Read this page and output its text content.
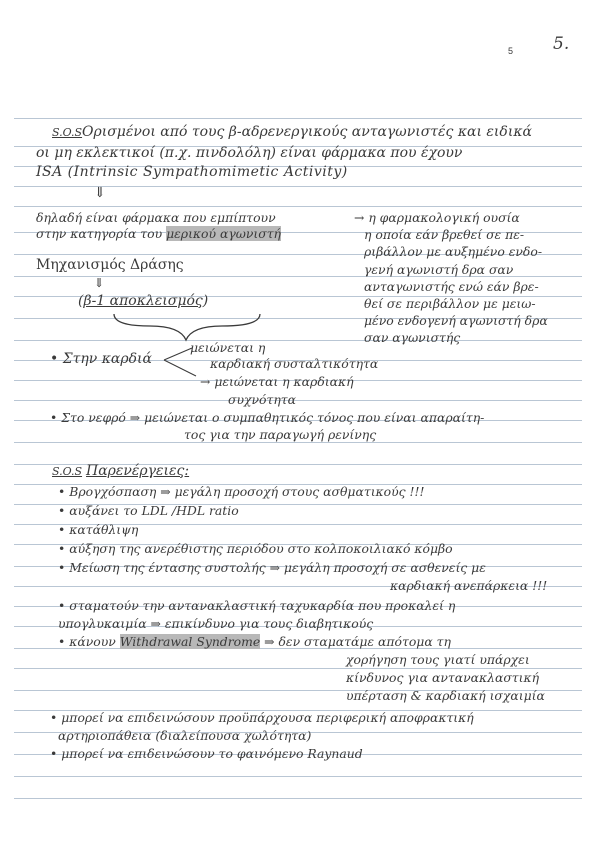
5 5.
S.O.SΟρισμένοι από τους β-αδρενεργικούς ανταγωνιστές και ειδικά
οι μη εκλεκτικοί (π.χ. πινδολόλη) είναι φάρμακα που έχουν
ISA (Intrinsic Sympathomimetic Activity)
⇓
δηλαδή είναι φάρμακα που εμπίπτουν
στην κατηγορία του μερικού αγωνιστή
→ η φαρμακολογική ουσία
η οποία εάν βρεθεί σε πε-
ριβάλλον με αυξημένο ενδο-
γενή αγωνιστή δρα σαν
ανταγωνιστής ενώ εάν βρε-
θεί σε περιβάλλον με μειω-
μένο ενδογενή αγωνιστή δρα
σαν αγωνιστής
Μηχανισμός Δράσης
⇓
(β-1 αποκλεισμός)
μειώνεται η
• Στην καρδιά	καρδιακή συσταλτικότητα
→ μειώνεται η καρδιακή
συχνότητα
• Στο νεφρό ⇒ μειώνεται ο συμπαθητικός τόνος που είναι απαραίτη-
τος για την παραγωγή ρενίνης
S.O.S Παρενέργειες:
• Βρογχόσπαση ⇒ μεγάλη προσοχή στους ασθματικούς !!!
• αυξάνει το LDL /HDL ratio
• κατάθλιψη
• αύξηση της ανερέθιστης περιόδου στο κολποκοιλιακό κόμβο
• Μείωση της έντασης συστολής ⇒ μεγάλη προσοχή σε ασθενείς με
καρδιακή ανεπάρκεια !!!
• σταματούν την αντανακλαστική ταχυκαρδία που προκαλεί η
υπογλυκαιμία ⇒ επικίνδυνο για τους διαβητικούς
• κάνουν Withdrawal Syndrome ⇒ δεν σταματάμε απότομα τη
χορήγηση τους γιατί υπάρχει
κίνδυνος για αντανακλαστική
υπέρταση & καρδιακή ισχαιμία
• μπορεί να επιδεινώσουν προϋπάρχουσα περιφερική αποφρακτική
αρτηριοπάθεια (διαλείπουσα χωλότητα)
• μπορεί να επιδεινώσουν το φαινόμενο Raynaud
